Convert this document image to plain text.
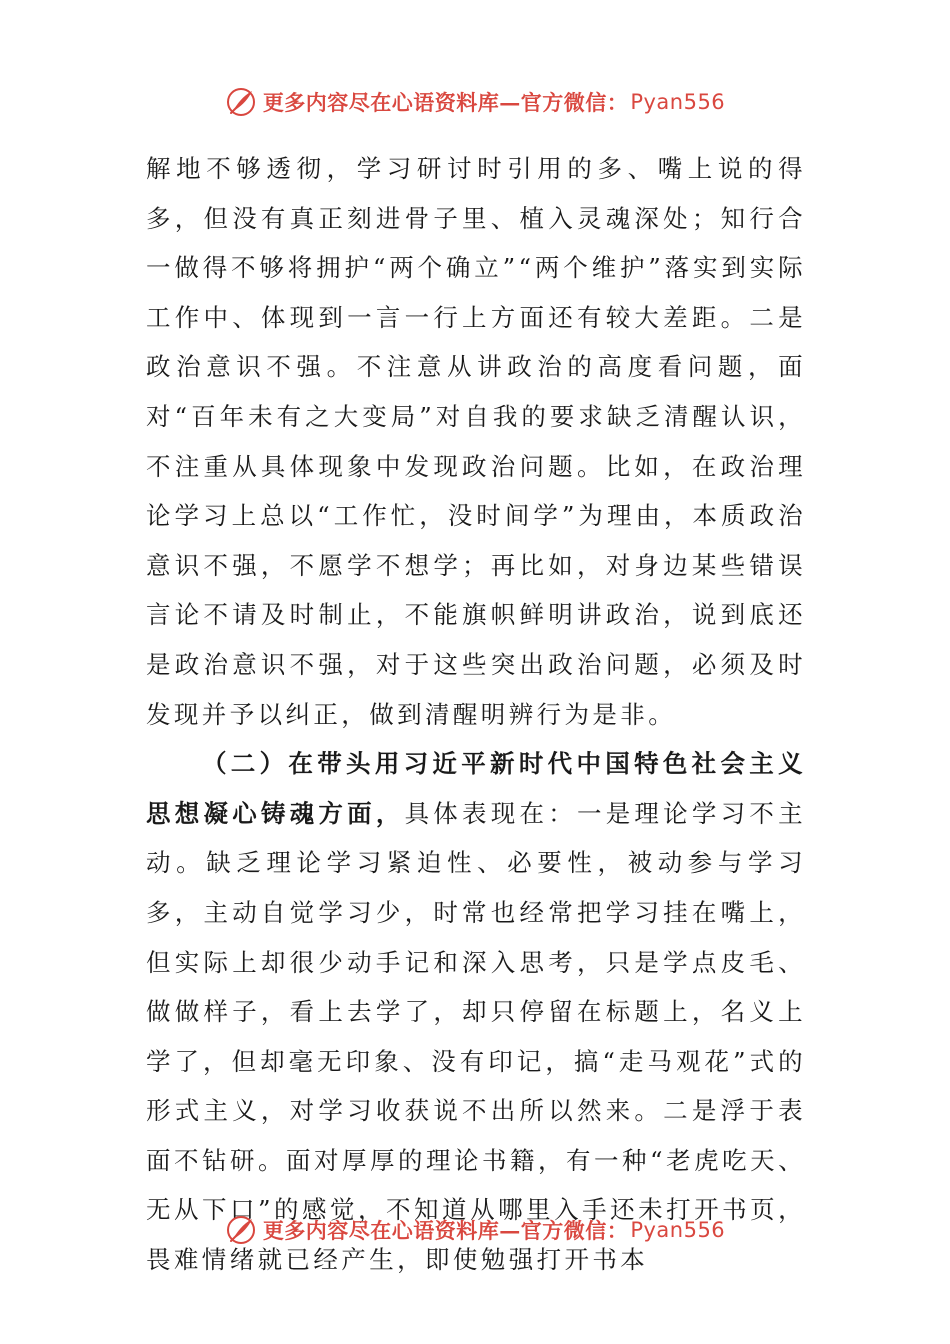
更多内容尽在心语资料库—官方微信： Pyan556

解地不够透彻，学习研讨时引用的多、嘴上说的得多，但没有真正刻进骨子里、植入灵魂深处；知行合一做得不够将拥护“两个确立”“两个维护”落实到实际工作中、体现到一言一行上方面还有较大差距。二是政治意识不强。不注意从讲政治的高度看问题，面对“百年未有之大变局”对自我的要求缺乏清醒认识，不注重从具体现象中发现政治问题。比如，在政治理论学习上总以“工作忙，没时间学”为理由，本质政治意识不强，不愿学不想学；再比如，对身边某些错误言论不请及时制止，不能旗帜鲜明讲政治，说到底还是政治意识不强，对于这些突出政治问题，必须及时发现并予以纠正，做到清醒明辨行为是非。

（二）在带头用习近平新时代中国特色社会主义思想凝心铸魂方面，具体表现在：一是理论学习不主动。缺乏理论学习紧迫性、必要性，被动参与学习多，主动自觉学习少，时常也经常把学习挂在嘴上，但实际上却很少动手记和深入思考，只是学点皮毛、做做样子，看上去学了，却只停留在标题上，名义上学了，但却毫无印象、没有印记，搞“走马观花”式的形式主义，对学习收获说不出所以然来。二是浮于表面不钻研。面对厚厚的理论书籍，有一种“老虎吃天、无从下口”的感觉，不知道从哪里入手还未打开书页，畏难情绪就已经产生，即使勉强打开书本

更多内容尽在心语资料库—官方微信： Pyan556
